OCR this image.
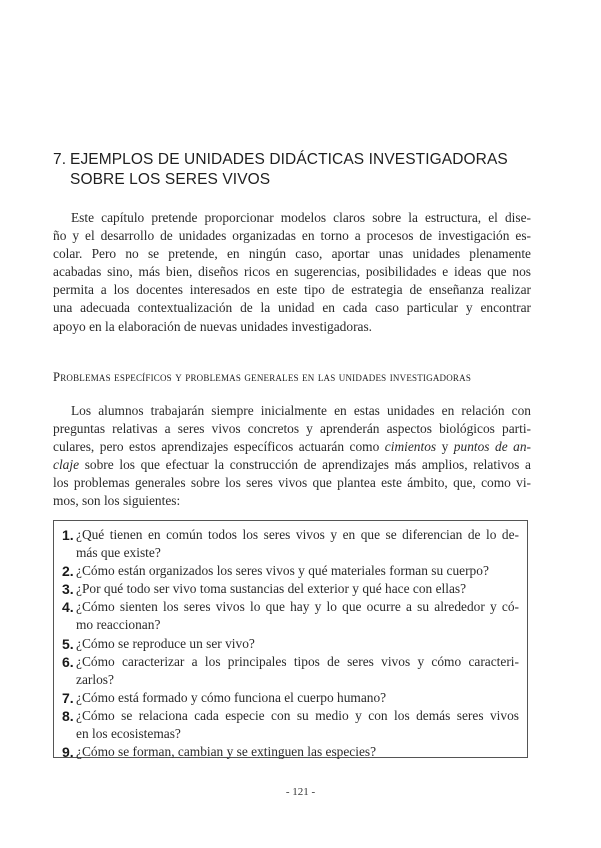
7. EJEMPLOS DE UNIDADES DIDÁCTICAS INVESTIGADORAS
SOBRE LOS SERES VIVOS
Este capítulo pretende proporcionar modelos claros sobre la estructura, el dise-
ño y el desarrollo de unidades organizadas en torno a procesos de investigación es-
colar. Pero no se pretende, en ningún caso, aportar unas unidades plenamente
acabadas sino, más bien, diseños ricos en sugerencias, posibilidades e ideas que nos
permita a los docentes interesados en este tipo de estrategia de enseñanza realizar
una adecuada contextualización de la unidad en cada caso particular y encontrar
apoyo en la elaboración de nuevas unidades investigadoras.
Problemas específicos y problemas generales en las unidades investigadoras
Los alumnos trabajarán siempre inicialmente en estas unidades en relación con
preguntas relativas a seres vivos concretos y aprenderán aspectos biológicos parti-
culares, pero estos aprendizajes específicos actuarán como cimientos y puntos de an-
claje sobre los que efectuar la construcción de aprendizajes más amplios, relativos a
los problemas generales sobre los seres vivos que plantea este ámbito, que, como vi-
mos, son los siguientes:
1. ¿Qué tienen en común todos los seres vivos y en que se diferencian de lo de-
más que existe?
2. ¿Cómo están organizados los seres vivos y qué materiales forman su cuerpo?
3. ¿Por qué todo ser vivo toma sustancias del exterior y qué hace con ellas?
4. ¿Cómo sienten los seres vivos lo que hay y lo que ocurre a su alrededor y có-
mo reaccionan?
5. ¿Cómo se reproduce un ser vivo?
6. ¿Cómo caracterizar a los principales tipos de seres vivos y cómo caracteri-
zarlos?
7. ¿Cómo está formado y cómo funciona el cuerpo humano?
8. ¿Cómo se relaciona cada especie con su medio y con los demás seres vivos
en los ecosistemas?
9. ¿Cómo se forman, cambian y se extinguen las especies?
- 121 -
